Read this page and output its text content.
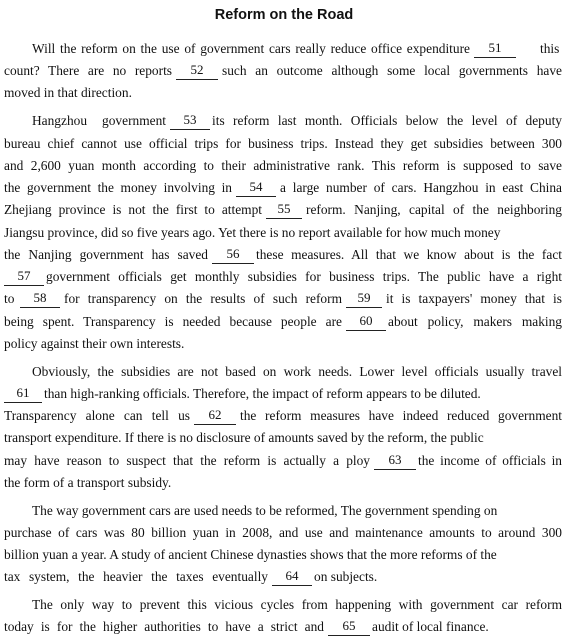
Reform on the Road
Will the reform on the use of government cars really reduce office expenditure	51	this
count? There are no reports	52	such an outcome although some local governments have
moved in that direction.
Hangzhou government	53	its reform last month. Officials below the level of deputy
bureau chief cannot use official trips for business trips. Instead they get subsidies between 300
and 2,600 yuan month according to their administrative rank. This reform is supposed to save
the government the money involving in	54	a large number of cars. Hangzhou in east China
Zhejiang province is not the first to attempt	55	reform. Nanjing, capital of the neighboring
Jiangsu province, did so five years ago. Yet there is no report available for how much money
the Nanjing government has saved	56	these measures. All that we know about is the fact
57	government officials get monthly subsidies for business trips. The public have a right
to	58	for transparency on the results of such reform	59	it is taxpayers' money that is
being spent. Transparency is needed because people are	60	about policy, makers making
policy against their own interests.
Obviously, the subsidies are not based on work needs. Lower level officials usually travel
61	than high-ranking officials. Therefore, the impact of reform appears to be diluted.
Transparency alone can tell us	62	the reform measures have indeed reduced government
transport expenditure. If there is no disclosure of amounts saved by the reform, the public
may have reason to suspect that the reform is actually a ploy	63	the income of officials in
the form of a transport subsidy.
The way government cars are used needs to be reformed, The government spending on
purchase of cars was 80 billion yuan in 2008, and use and maintenance amounts to around 300
billion yuan a year. A study of ancient Chinese dynasties shows that the more reforms of the
tax system, the heavier the taxes eventually	64	on subjects.
The only way to prevent this vicious cycles from happening with government car reform
today is for the higher authorities to have a strict and	65	audit of local finance.
